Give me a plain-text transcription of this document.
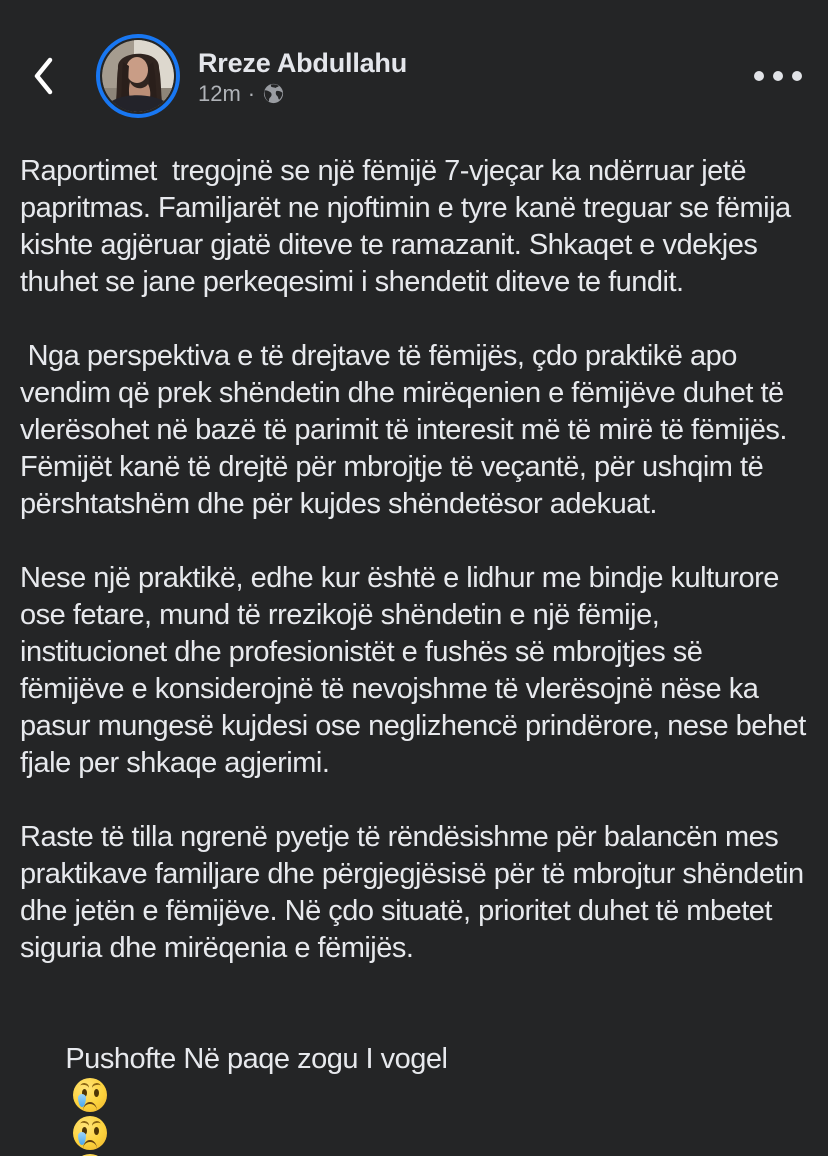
Rreze Abdullahu
12m ·

Raportimet  tregojnë se një fëmijë 7-vjeçar ka ndërruar jetë papritmas. Familjarët ne njoftimin e tyre kanë treguar se fëmija kishte agjëruar gjatë diteve te ramazanit. Shkaqet e vdekjes thuhet se jane perkeqesimi i shendetit diteve te fundit.

Nga perspektiva e të drejtave të fëmijës, çdo praktikë apo vendim që prek shëndetin dhe mirëqenien e fëmijëve duhet të vlerësohet në bazë të parimit të interesit më të mirë të fëmijës. Fëmijët kanë të drejtë për mbrojtje të veçantë, për ushqim të përshtatshëm dhe për kujdes shëndetësor adekuat.

Nese një praktikë, edhe kur është e lidhur me bindje kulturore ose fetare, mund të rrezikojë shëndetin e një fëmije, institucionet dhe profesionistët e fushës së mbrojtjes së fëmijëve e konsiderojnë të nevojshme të vlerësojnë nëse ka pasur mungesë kujdesi ose neglizhencë prindërore, nese behet fjale per shkaqe agjerimi.

Raste të tilla ngrenë pyetje të rëndësishme për balancën mes praktikave familjare dhe përgjegjësisë për të mbrojtur shëndetin dhe jetën e fëmijëve. Në çdo situatë, prioritet duhet të mbetet siguria dhe mirëqenia e fëmijës.

Pushofte Në paqe zogu I vogel
